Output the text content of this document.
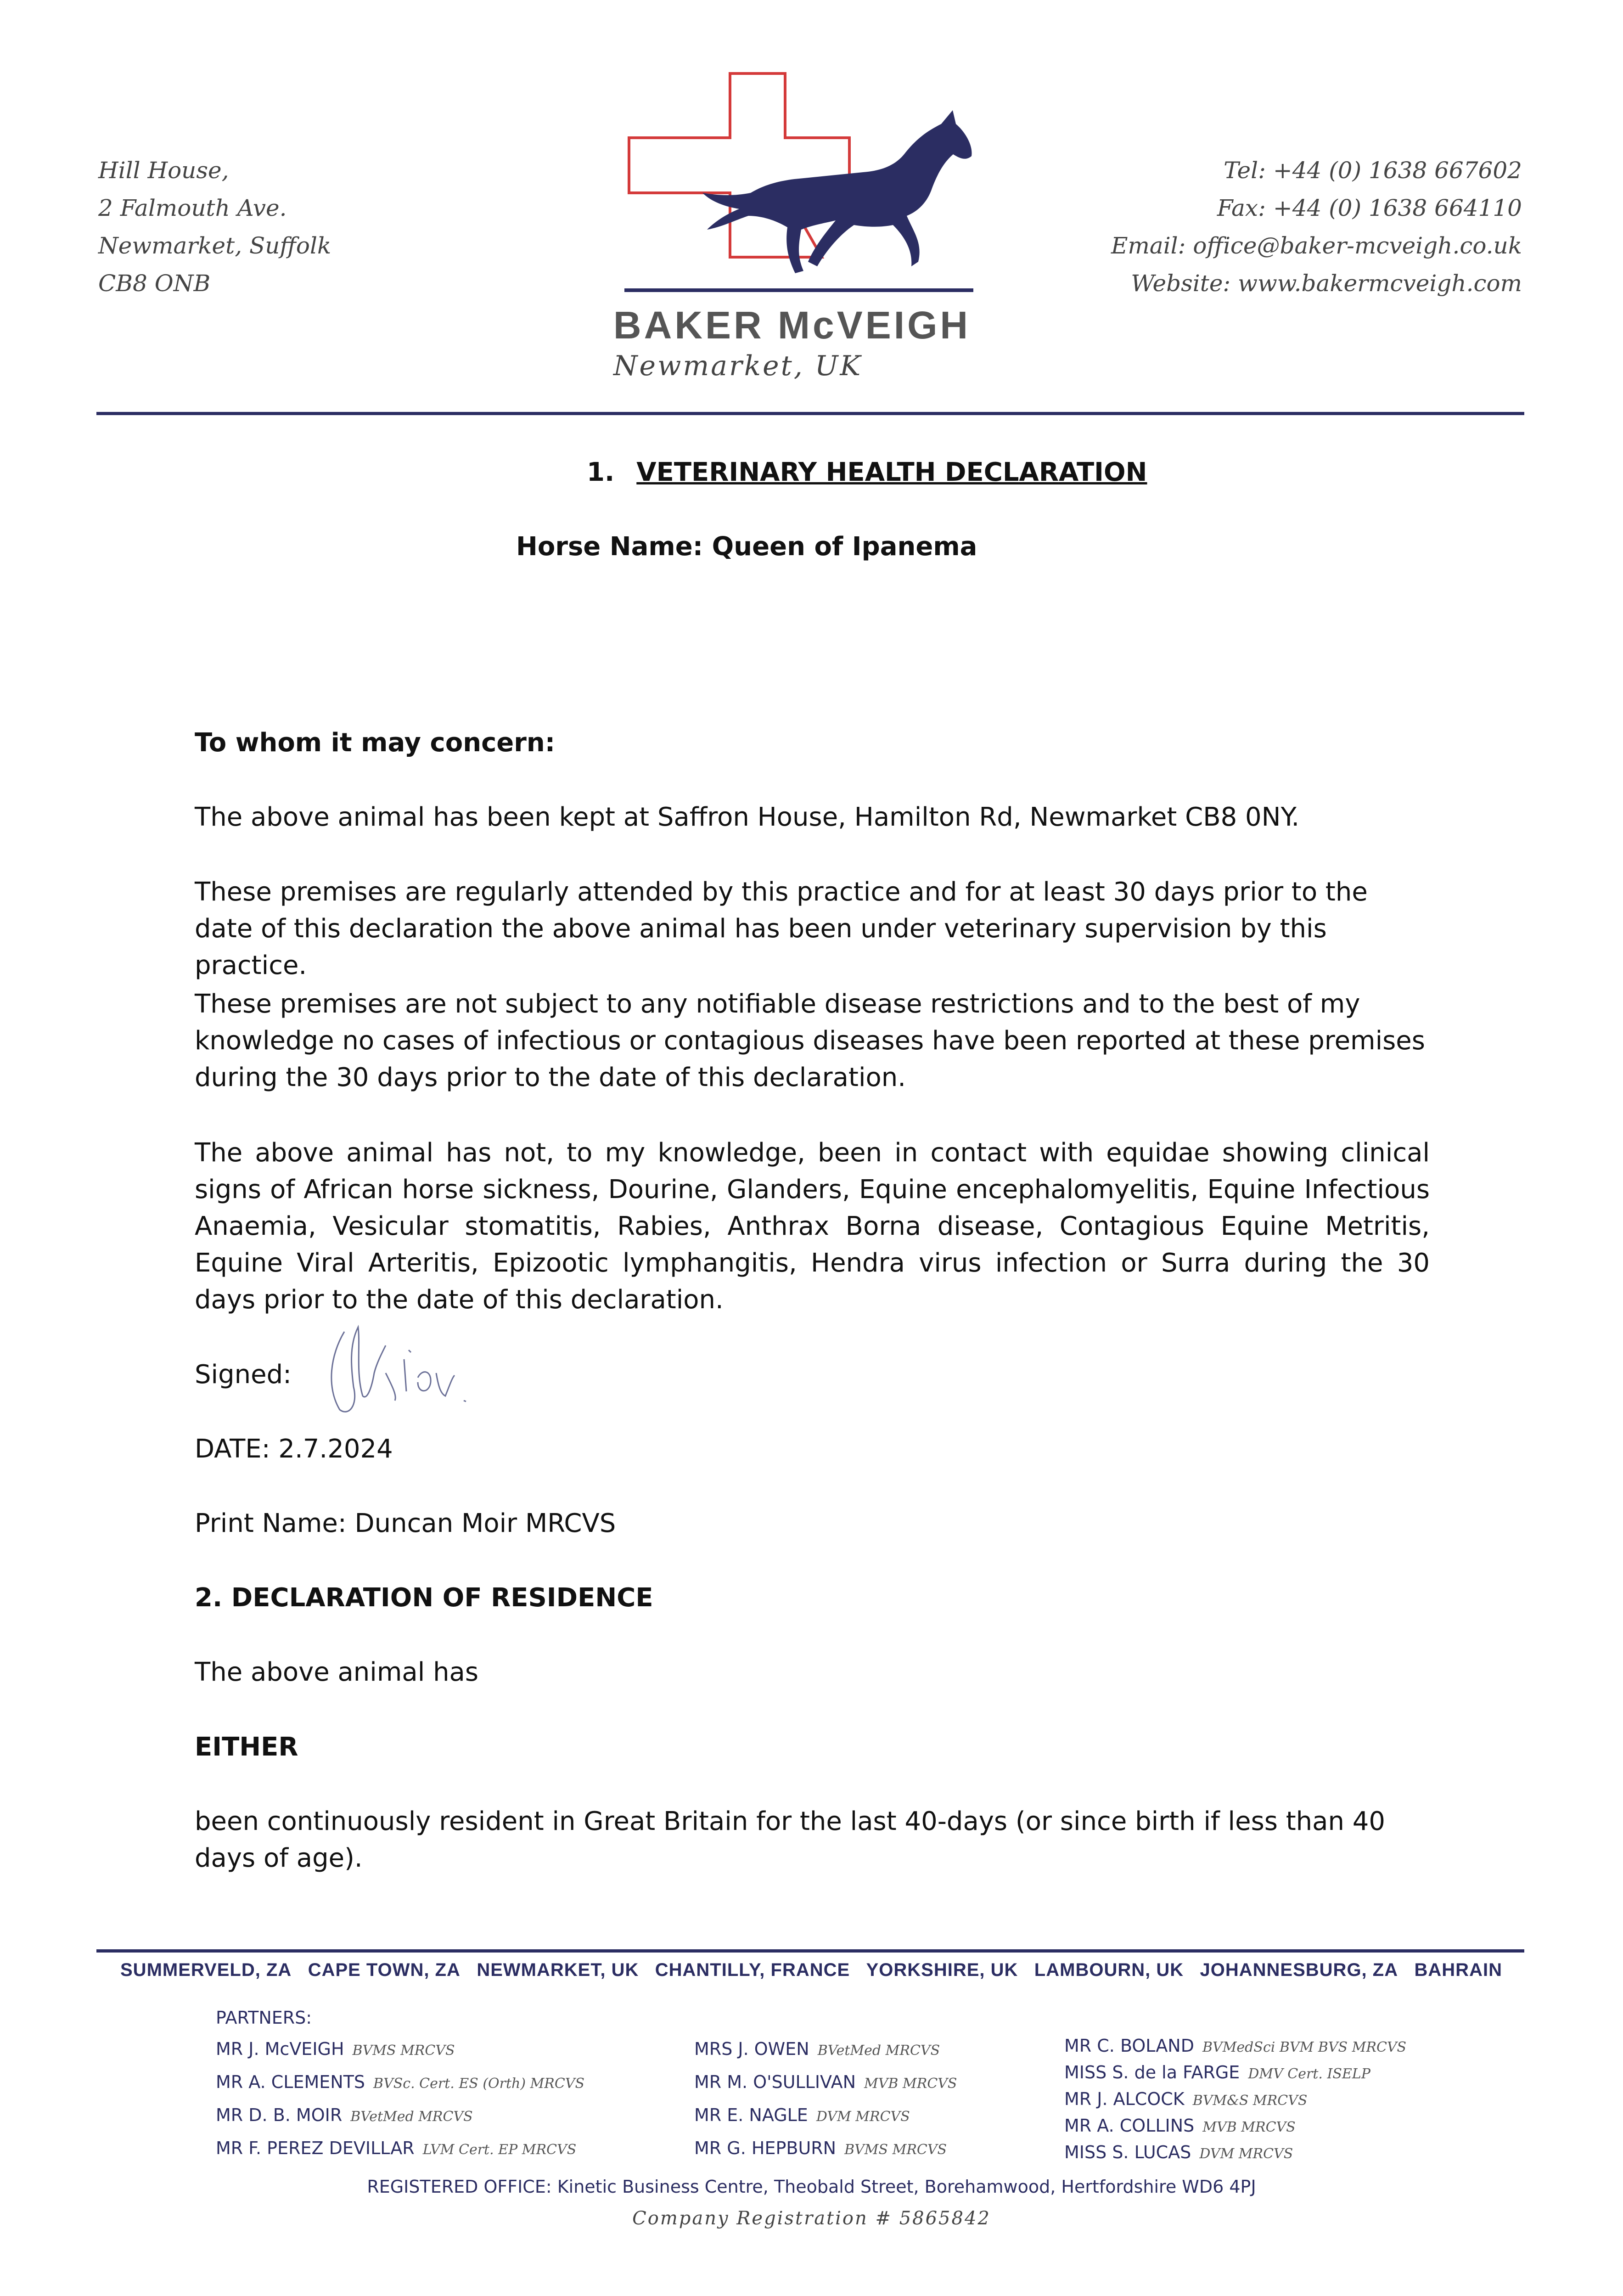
Hill House,
2 Falmouth Ave.
Newmarket, Suffolk
CB8 ONB
BAKER McVEIGH
Newmarket, UK
Tel: +44 (0) 1638 667602
Fax: +44 (0) 1638 664110
Email: office@baker-mcveigh.co.uk
Website: www.bakermcveigh.com
1. VETERINARY HEALTH DECLARATION
Horse Name: Queen of Ipanema
To whom it may concern:
The above animal has been kept at Saffron House, Hamilton Rd, Newmarket CB8 0NY.
These premises are regularly attended by this practice and for at least 30 days prior to the date of this declaration the above animal has been under veterinary supervision by this practice.
These premises are not subject to any notifiable disease restrictions and to the best of my knowledge no cases of infectious or contagious diseases have been reported at these premises during the 30 days prior to the date of this declaration.
The above animal has not, to my knowledge, been in contact with equidae showing clinical signs of African horse sickness, Dourine, Glanders, Equine encephalomyelitis, Equine Infectious Anaemia, Vesicular stomatitis, Rabies, Anthrax Borna disease, Contagious Equine Metritis, Equine Viral Arteritis, Epizootic lymphangitis, Hendra virus infection or Surra during the 30 days prior to the date of this declaration.
Signed:
DATE: 2.7.2024
Print Name: Duncan Moir MRCVS
2. DECLARATION OF RESIDENCE
The above animal has
EITHER
been continuously resident in Great Britain for the last 40-days (or since birth if less than 40 days of age).
SUMMERVELD, ZA CAPE TOWN, ZA NEWMARKET, UK CHANTILLY, FRANCE YORKSHIRE, UK LAMBOURN, UK JOHANNESBURG, ZA BAHRAIN
PARTNERS:
MR J. McVEIGH BVMS MRCVS
MR A. CLEMENTS BVSc. Cert. ES (Orth) MRCVS
MR D. B. MOIR BVetMed MRCVS
MR F. PEREZ DEVILLAR LVM Cert. EP MRCVS
MRS J. OWEN BVetMed MRCVS
MR M. O'SULLIVAN MVB MRCVS
MR E. NAGLE DVM MRCVS
MR G. HEPBURN BVMS MRCVS
MR C. BOLAND BVMedSci BVM BVS MRCVS
MISS S. de la FARGE DMV Cert. ISELP
MR J. ALCOCK BVM&S MRCVS
MR A. COLLINS MVB MRCVS
MISS S. LUCAS DVM MRCVS
REGISTERED OFFICE: Kinetic Business Centre, Theobald Street, Borehamwood, Hertfordshire WD6 4PJ
Company Registration # 5865842
